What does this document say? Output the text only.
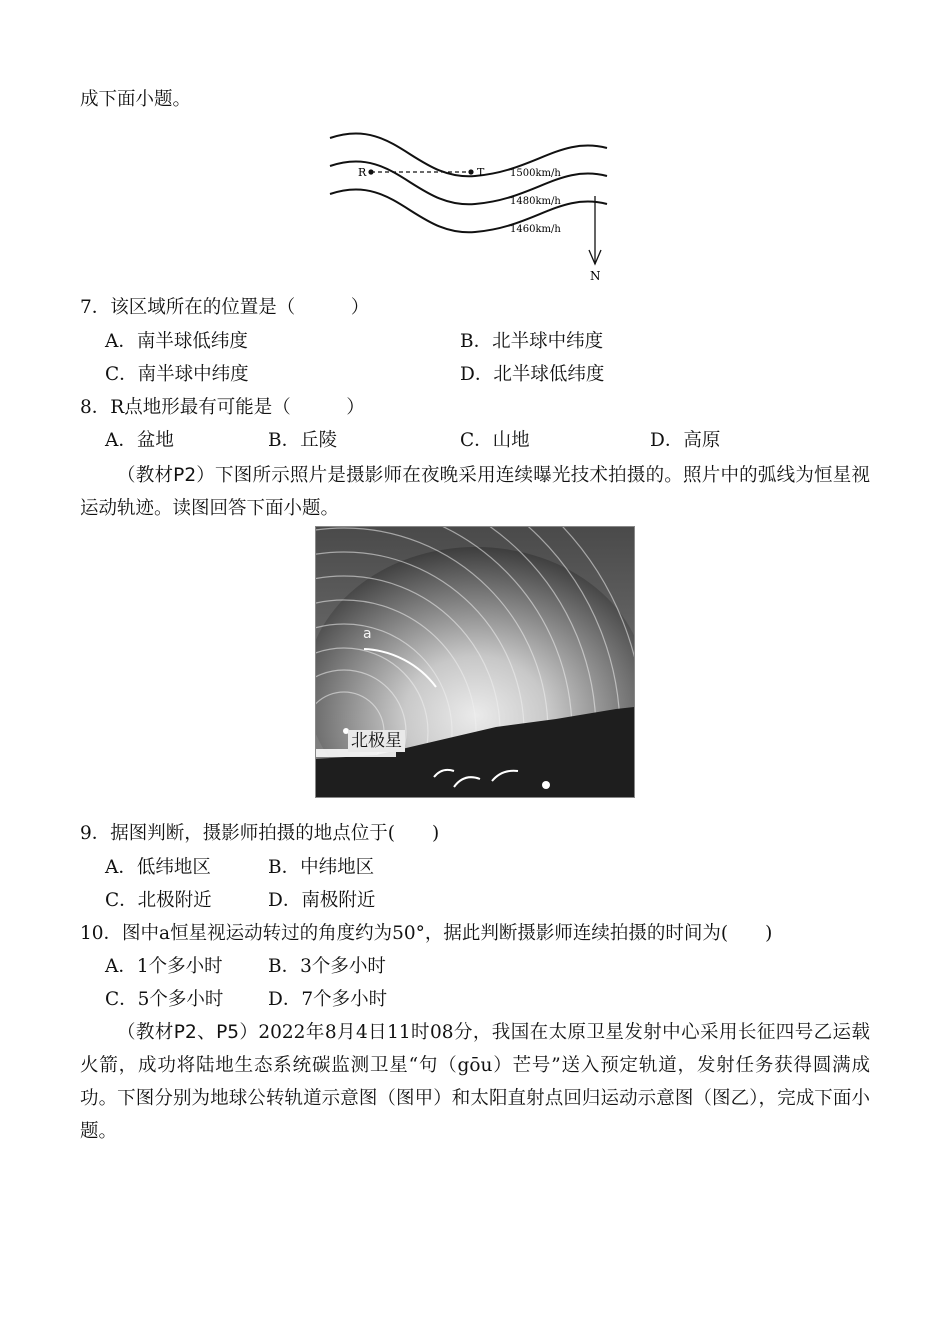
成下面小题。
R	T	1500km/h
1480km/h
1460km/h
N
7．该区域所在的位置是（　　　）
A．南半球低纬度	B．北半球中纬度
C．南半球中纬度	D．北半球低纬度
8．R点地形最有可能是（　　　）
A．盆地	B．丘陵	C．山地	D．高原
（教材P2）下图所示照片是摄影师在夜晚采用连续曝光技术拍摄的。照片中的弧线为恒星视运动轨迹。读图回答下面小题。
a
北极星
9．据图判断，摄影师拍摄的地点位于(　　)
A．低纬地区	B．中纬地区
C．北极附近	D．南极附近
10．图中a恒星视运动转过的角度约为50°，据此判断摄影师连续拍摄的时间为(　　)
A．1个多小时 B．3个多小时
C．5个多小时 D．7个多小时
（教材P2、P5）2022年8月4日11时08分，我国在太原卫星发射中心采用长征四号乙运载火箭，成功将陆地生态系统碳监测卫星“句（gōu）芒号”送入预定轨道，发射任务获得圆满成功。下图分别为地球公转轨道示意图（图甲）和太阳直射点回归运动示意图（图乙），完成下面小题。
